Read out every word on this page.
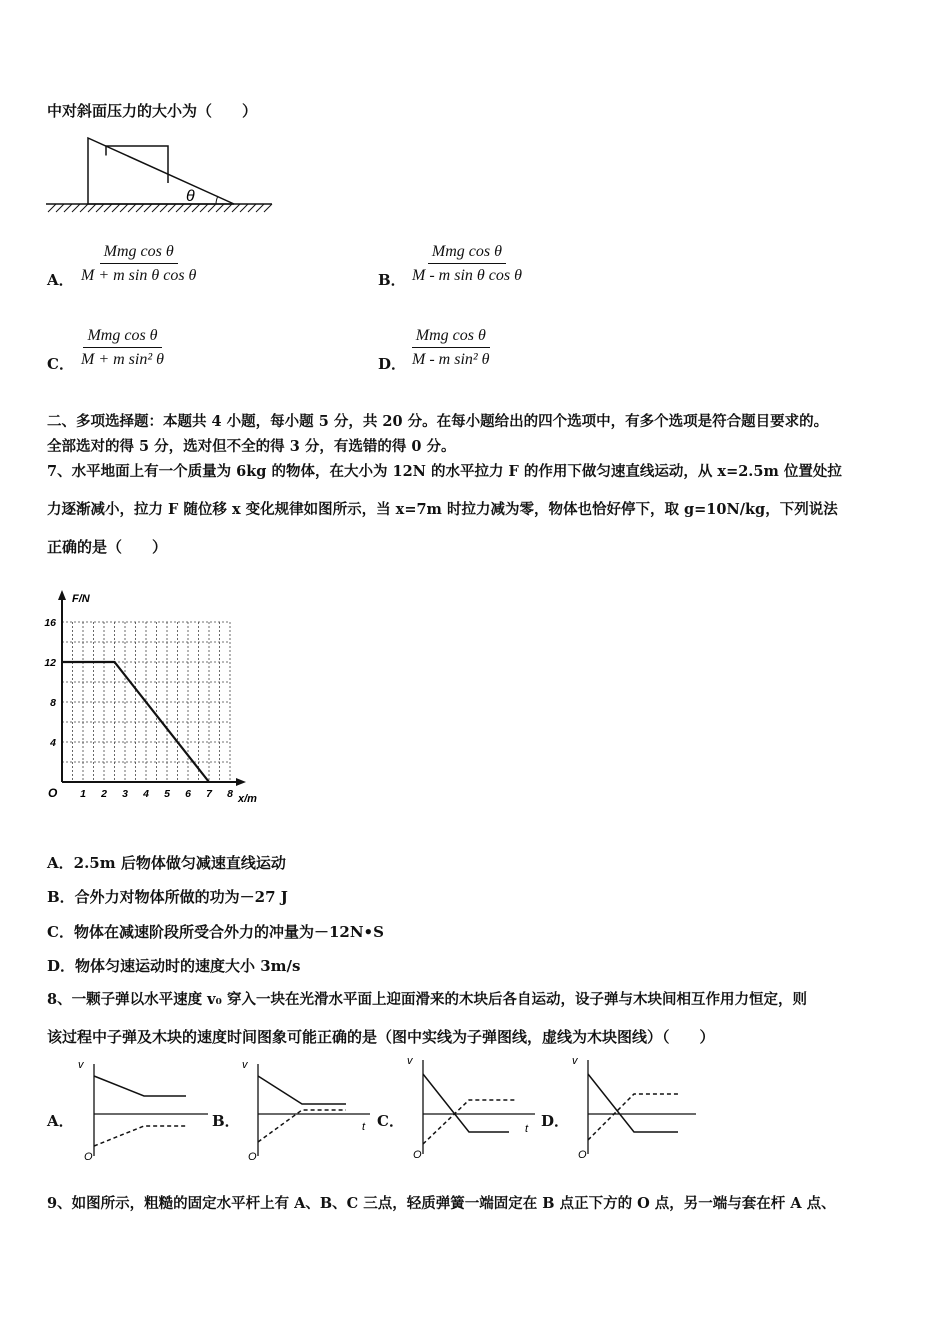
中对斜面压力的大小为（　　）
θ
A．
Mmg cos θ
M + m sin θ cos θ	B．
Mmg cos θ
M - m sin θ cos θ
C．
Mmg cos θ
M + m sin² θ	D．
Mmg cos θ
M - m sin² θ
二、多项选择题：本题共 4 小题，每小题 5 分，共 20 分。在每小题给出的四个选项中，有多个选项是符合题目要求的。
全部选对的得 5 分，选对但不全的得 3 分，有选错的得 0 分。
7、水平地面上有一个质量为 6kg 的物体，在大小为 12N 的水平拉力 F 的作用下做匀速直线运动，从 x=2.5m 位置处拉
力逐渐减小，拉力 F 随位移 x 变化规律如图所示，当 x=7m 时拉力减为零，物体也恰好停下，取 g=10N/kg，下列说法
正确的是（　　）
F/N
x/m
O 1 2 3 4 5 6 7 8
4
8
12
16
A．2.5m 后物体做匀减速直线运动
B．合外力对物体所做的功为－27 J
C．物体在减速阶段所受合外力的冲量为－12N•S
D．物体匀速运动时的速度大小 3m/s
8、一颗子弹以水平速度 v₀ 穿入一块在光滑水平面上迎面滑来的木块后各自运动，设子弹与木块间相互作用力恒定，则
该过程中子弹及木块的速度时间图象可能正确的是（图中实线为子弹图线，虚线为木块图线）（　　）
A．
v
O
B．
v
t
O
C．
v
t
O
D．
v
O
9、如图所示，粗糙的固定水平杆上有 A、B、C 三点，轻质弹簧一端固定在 B 点正下方的 O 点，另一端与套在杆 A 点、
